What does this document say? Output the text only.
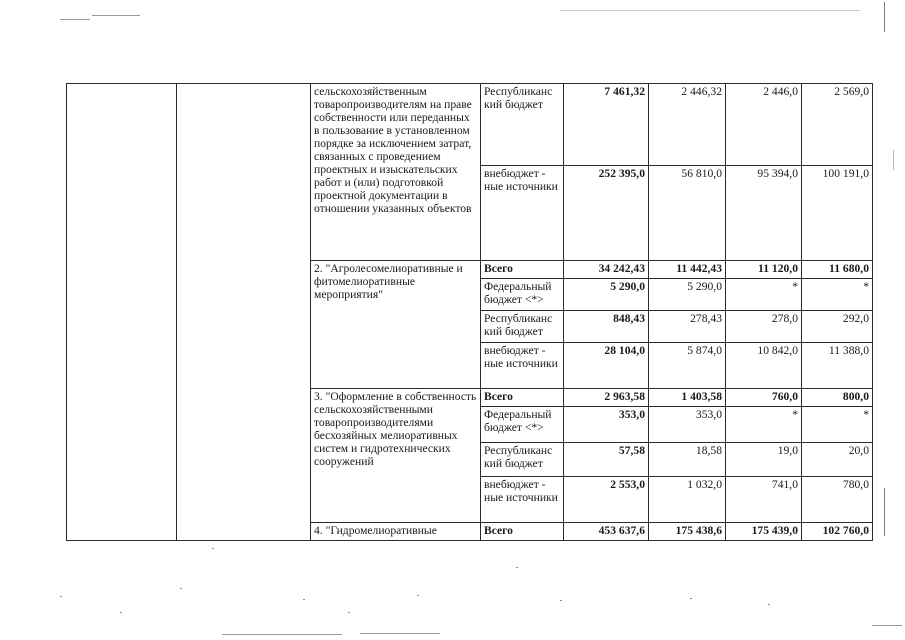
		сельскохозяйственным товаропроизводителям на праве собственности или переданных в пользование в установленном порядке за исключением затрат, связанных с проведением проектных и изыскательских работ и (или) подготовкой проектной документации в отношении указанных объектов	Республиканс кий бюджет	7 461,32	2 446,32	2 446,0	2 569,0
			внебюджет - ные источники	252 395,0	56 810,0	95 394,0	100 191,0

		2. "Агролесомелиоративные и фитомелиоративные мероприятия"	Всего	34 242,43	11 442,43	11 120,0	11 680,0
			Федеральный бюджет <*>	5 290,0	5 290,0	*	*
			Республиканс кий бюджет	848,43	278,43	278,0	292,0
			внебюджет - ные источники	28 104,0	5 874,0	10 842,0	11 388,0

		3. "Оформление в собственность сельскохозяйственными товаропроизводителями бесхозяйных мелиоративных систем и гидротехнических сооружений	Всего	2 963,58	1 403,58	760,0	800,0
			Федеральный бюджет <*>	353,0	353,0	*	*
			Республиканс кий бюджет	57,58	18,58	19,0	20,0
			внебюджет - ные источники	2 553,0	1 032,0	741,0	780,0

		4. "Гидромелиоративные	Всего	453 637,6	175 438,6	175 439,0	102 760,0
